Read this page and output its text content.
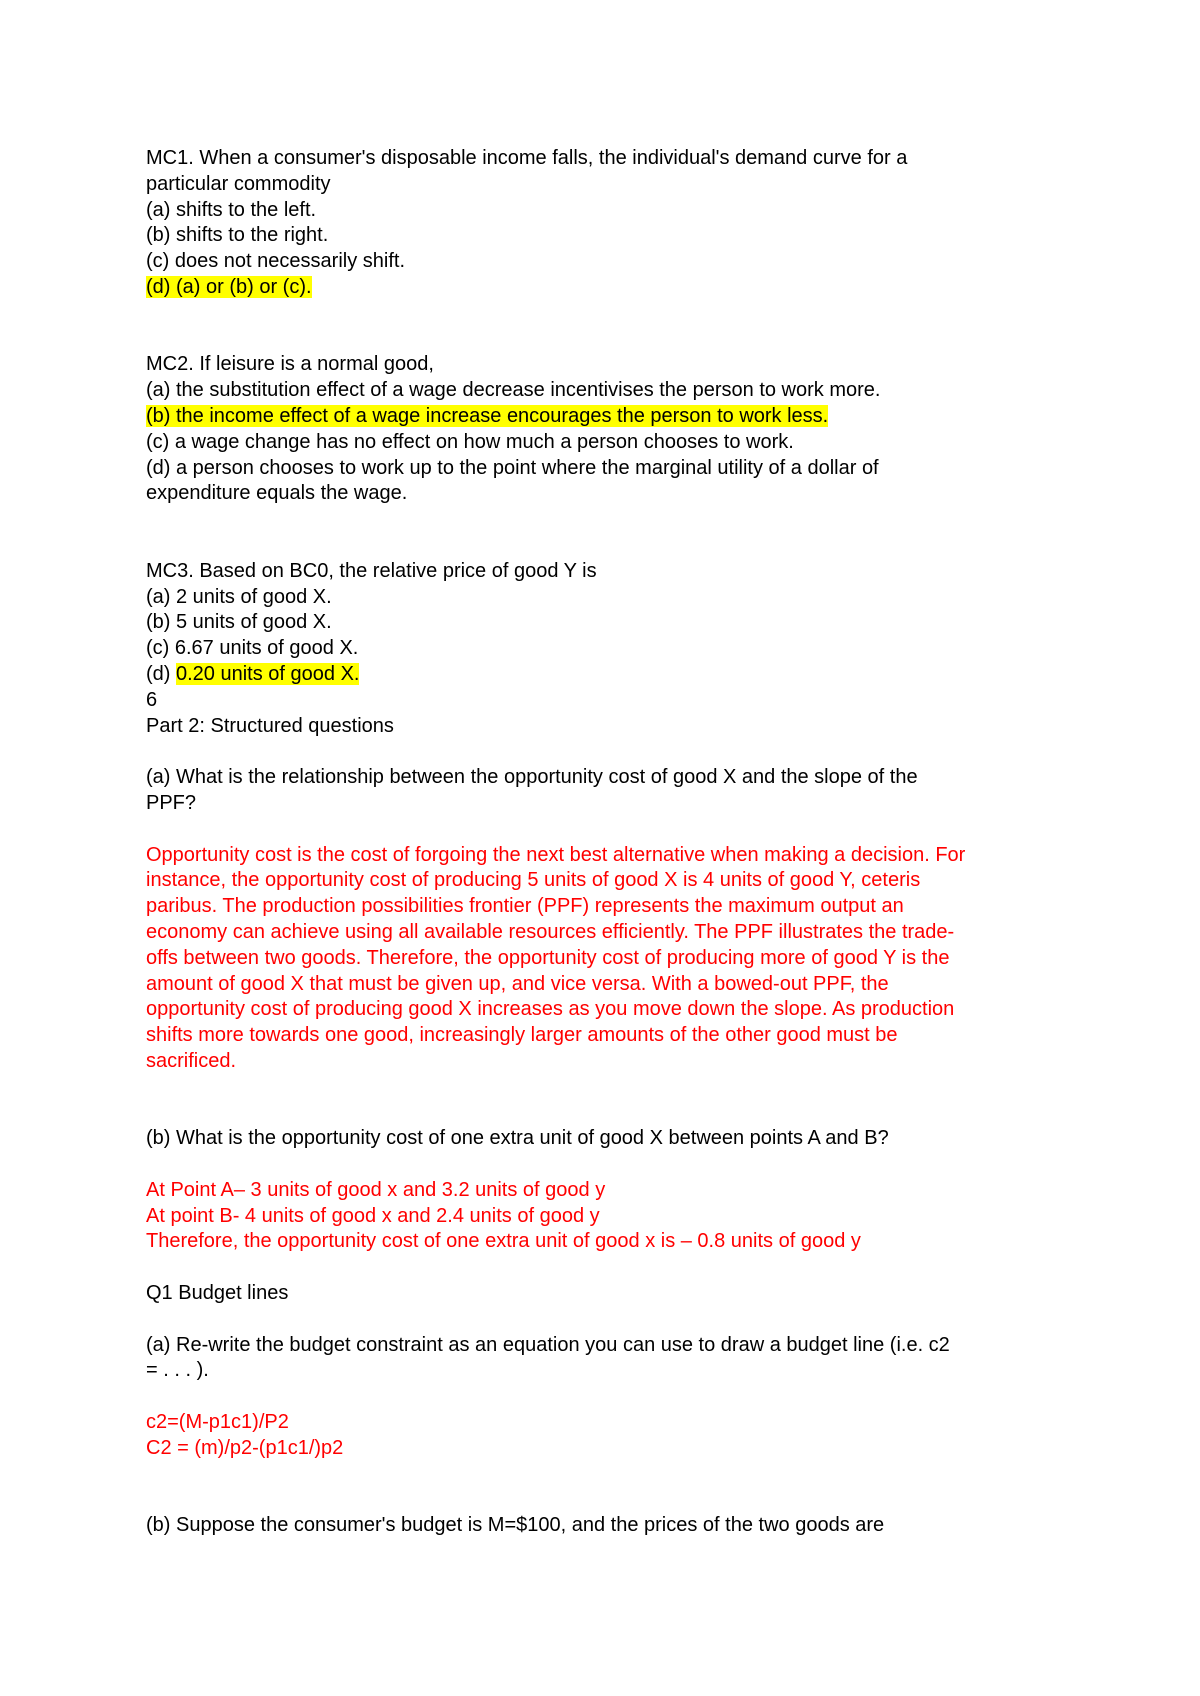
MC1. When a consumer's disposable income falls, the individual's demand curve for a
particular commodity
(a) shifts to the left.
(b) shifts to the right.
(c) does not necessarily shift.
(d) (a) or (b) or (c).
MC2. If leisure is a normal good,
(a) the substitution effect of a wage decrease incentivises the person to work more.
(b) the income effect of a wage increase encourages the person to work less.
(c) a wage change has no effect on how much a person chooses to work.
(d) a person chooses to work up to the point where the marginal utility of a dollar of
expenditure equals the wage.
MC3. Based on BC0, the relative price of good Y is
(a) 2 units of good X.
(b) 5 units of good X.
(c) 6.67 units of good X.
(d) 0.20 units of good X.
6
Part 2: Structured questions
(a) What is the relationship between the opportunity cost of good X and the slope of the
PPF?
Opportunity cost is the cost of forgoing the next best alternative when making a decision. For
instance, the opportunity cost of producing 5 units of good X is 4 units of good Y, ceteris
paribus. The production possibilities frontier (PPF) represents the maximum output an
economy can achieve using all available resources efficiently. The PPF illustrates the trade-
offs between two goods. Therefore, the opportunity cost of producing more of good Y is the
amount of good X that must be given up, and vice versa. With a bowed-out PPF, the
opportunity cost of producing good X increases as you move down the slope. As production
shifts more towards one good, increasingly larger amounts of the other good must be
sacrificed.
(b) What is the opportunity cost of one extra unit of good X between points A and B?
At Point A– 3 units of good x and 3.2 units of good y
At point B- 4 units of good x and 2.4 units of good y
Therefore, the opportunity cost of one extra unit of good x is – 0.8 units of good y
Q1 Budget lines
(a) Re-write the budget constraint as an equation you can use to draw a budget line (i.e. c2
= . . . ).
c2=(M-p1c1)/P2
C2 = (m)/p2-(p1c1/)p2
(b) Suppose the consumer's budget is M=$100, and the prices of the two goods are
